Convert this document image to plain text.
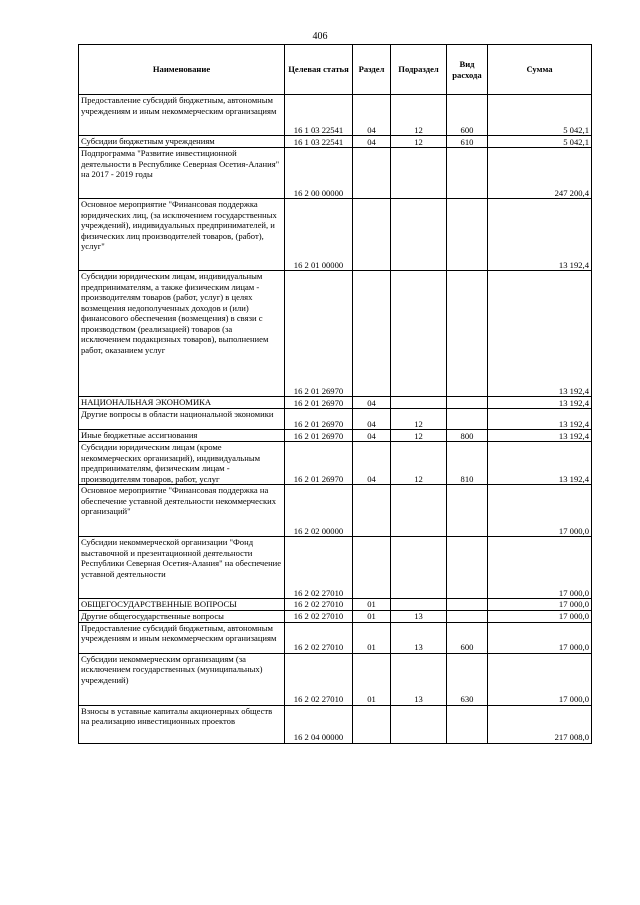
406
Наименование	Целевая статья	Раздел	Подраздел	Вид расхода	Сумма
Предоставление субсидий бюджетным, автономным учреждениям и иным некоммерческим организациям	16 1 03 22541	04	12	600	5 042,1
Субсидии бюджетным учреждениям	16 1 03 22541	04	12	610	5 042,1
Подпрограмма "Развитие инвестиционной деятельности в Республике Северная Осетия-Алания" на 2017 - 2019 годы	16 2 00 00000				247 200,4
Основное мероприятие "Финансовая поддержка юридических лиц, (за исключением государственных учреждений), индивидуальных предпринимателей, и физических лиц производителей товаров, (работ), услуг"	16 2 01 00000				13 192,4
Субсидии юридическим лицам, индивидуальным предпринимателям, а также физическим лицам - производителям товаров (работ, услуг) в целях возмещения недополученных доходов и (или) финансового обеспечения (возмещения) в связи с производством (реализацией) товаров (за исключением подакцизных товаров), выполнением работ, оказанием услуг	16 2 01 26970				13 192,4
НАЦИОНАЛЬНАЯ ЭКОНОМИКА	16 2 01 26970	04			13 192,4
Другие вопросы в области национальной экономики	16 2 01 26970	04	12		13 192,4
Иные бюджетные ассигнования	16 2 01 26970	04	12	800	13 192,4
Субсидии юридическим лицам (кроме некоммерческих организаций), индивидуальным предпринимателям, физическим лицам - производителям товаров, работ, услуг	16 2 01 26970	04	12	810	13 192,4
Основное мероприятие "Финансовая поддержка на обеспечение уставной деятельности некоммерческих организаций"	16 2 02 00000				17 000,0
Субсидии некоммерческой организации "Фонд выставочной и презентационной деятельности Республики Северная Осетия-Алания" на обеспечение уставной деятельности	16 2 02 27010				17 000,0
ОБЩЕГОСУДАРСТВЕННЫЕ ВОПРОСЫ	16 2 02 27010	01			17 000,0
Другие общегосударственные вопросы	16 2 02 27010	01	13		17 000,0
Предоставление субсидий бюджетным, автономным учреждениям и иным некоммерческим организациям	16 2 02 27010	01	13	600	17 000,0
Субсидии некоммерческим организациям (за исключением государственных (муниципальных) учреждений)	16 2 02 27010	01	13	630	17 000,0
Взносы в уставные капиталы акционерных обществ на реализацию инвестиционных проектов	16 2 04 00000				217 008,0
